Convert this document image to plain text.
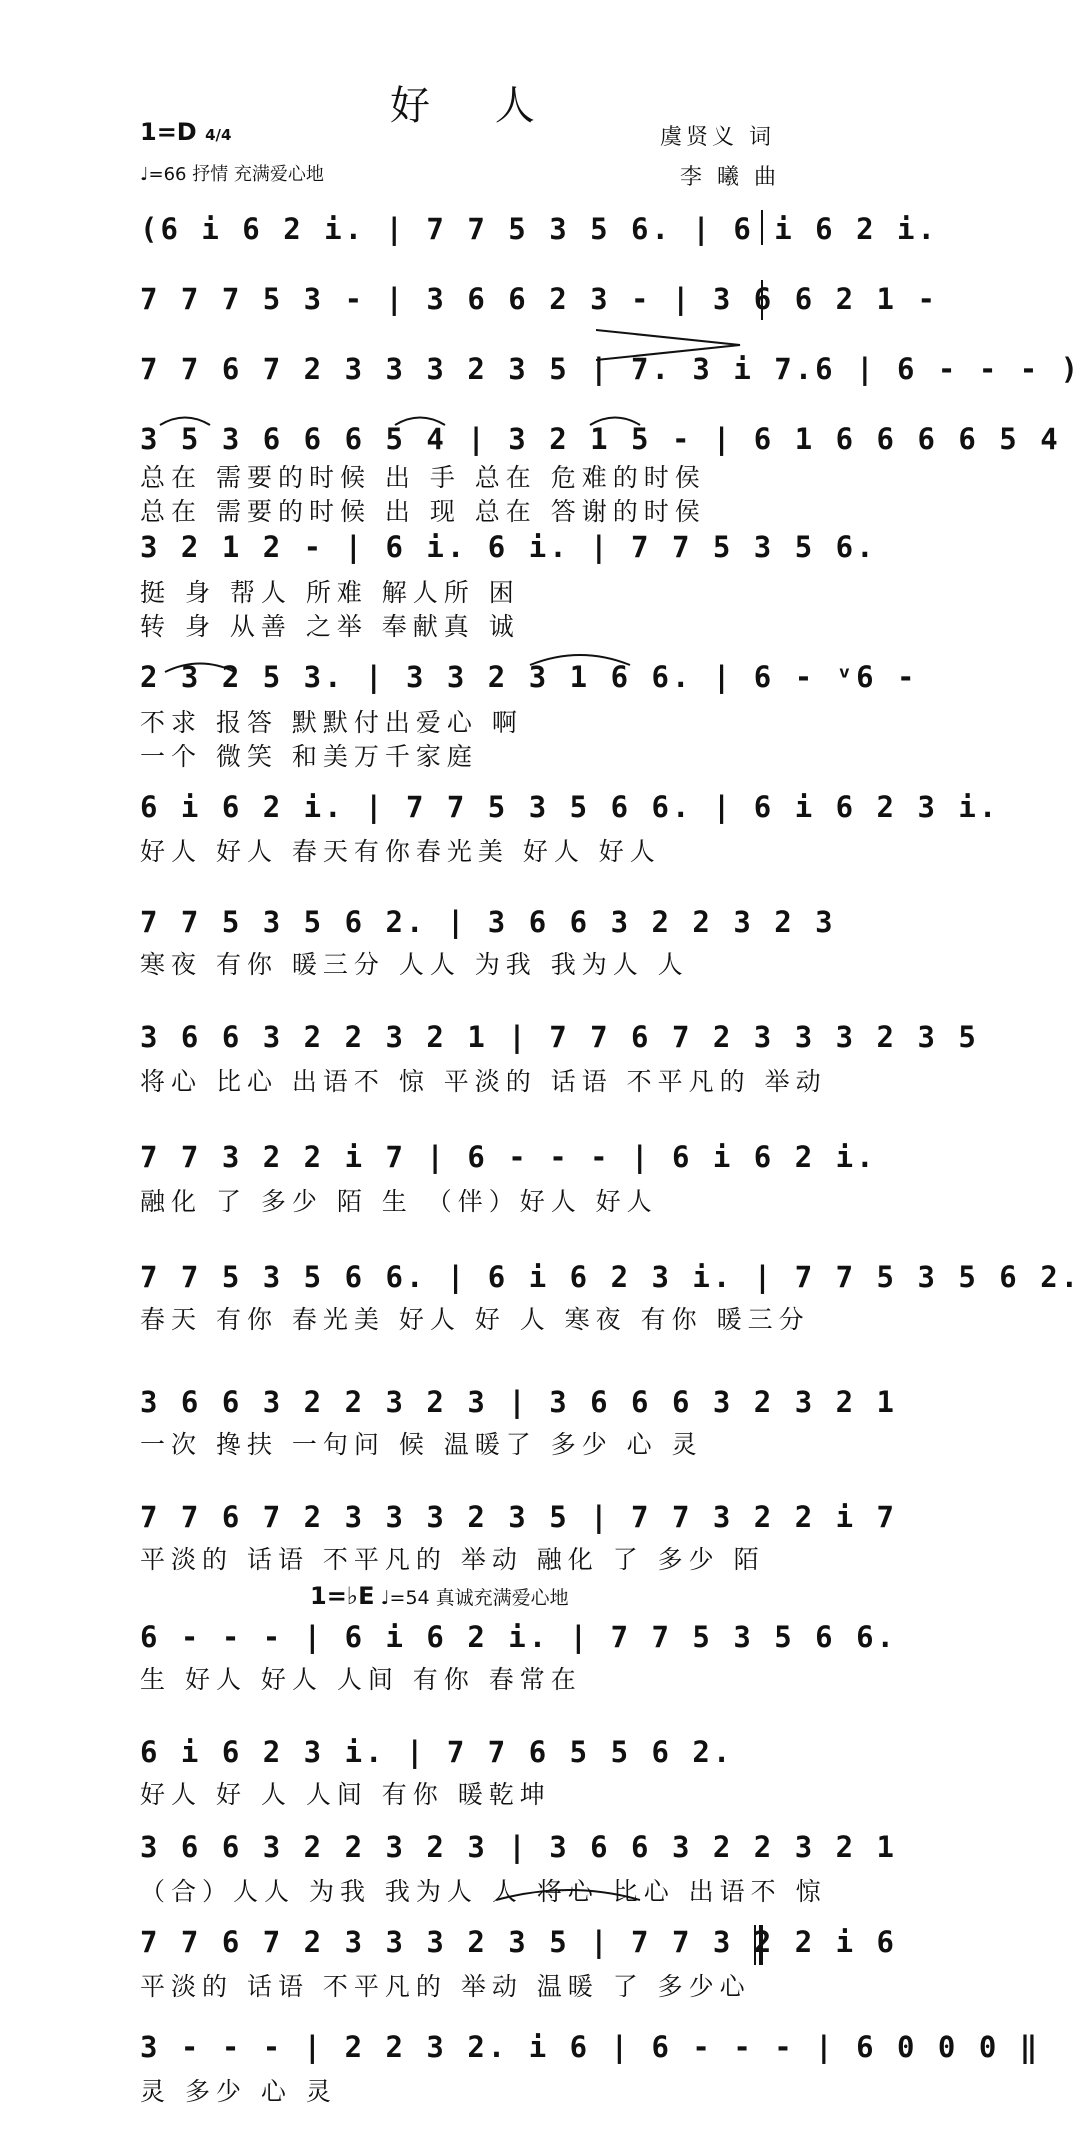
好 人
1=D 4/4
♩=66 抒情 充满爱心地
虞贤义 词
李 曦 曲
(6 i 6 2 i. | 7 7 5 3 5 6. | 6 i 6 2 i.
7 7 7 5 3 - | 3 6 6 2 3 - | 3 6 6 2 1 -
7 7 6 7 2 3 3 3 2 3 5 | 7. 3 i 7.6 | 6 - - - )
3 5 3 6 6 6 5 4 | 3 2 1 5 - | 6 1 6 6 6 6 5 4
总在 需要的时候 出 手 总在 危难的时侯
总在 需要的时候 出 现 总在 答谢的时侯
3 2 1 2 - | 6 i. 6 i. | 7 7 5 3 5 6.
挺 身 帮人 所难 解人所 困
转 身 从善 之举 奉献真 诚
2 3 2 5 3. | 3 3 2 3 1 6 6. | 6 - ᵛ6 -
不求 报答 默默付出爱心 啊
一个 微笑 和美万千家庭
6 i 6 2 i. | 7 7 5 3 5 6 6. | 6 i 6 2 3 i.
好人 好人 春天有你春光美 好人 好人
7 7 5 3 5 6 2. | 3 6 6 3 2 2 3 2 3
寒夜 有你 暖三分 人人 为我 我为人 人
3 6 6 3 2 2 3 2 1 | 7 7 6 7 2 3 3 3 2 3 5
将心 比心 出语不 惊 平淡的 话语 不平凡的 举动
7 7 3 2 2 i 7 | 6 - - - | 6 i 6 2 i.
融化 了 多少 陌 生 （伴）好人 好人
7 7 5 3 5 6 6. | 6 i 6 2 3 i. | 7 7 5 3 5 6 2.
春天 有你 春光美 好人 好 人 寒夜 有你 暖三分
3 6 6 3 2 2 3 2 3 | 3 6 6 6 3 2 3 2 1
一次 搀扶 一句问 候 温暖了 多少 心 灵
7 7 6 7 2 3 3 3 2 3 5 | 7 7 3 2 2 i 7
平淡的 话语 不平凡的 举动 融化 了 多少 陌
6 - - - | 6 i 6 2 i. | 7 7 5 3 5 6 6.
生 好人 好人 人间 有你 春常在
6 i 6 2 3 i. | 7 7 6 5 5 6 2.
好人 好 人 人间 有你 暖乾坤
3 6 6 3 2 2 3 2 3 | 3 6 6 3 2 2 3 2 1
（合）人人 为我 我为人 人 将心 比心 出语不 惊
7 7 6 7 2 3 3 3 2 3 5 | 7 7 3 2 2 i 6
平淡的 话语 不平凡的 举动 温暖 了 多少心
3 - - - | 2 2 3 2. i 6 | 6 - - - | 6 0 0 0 ‖
灵 多少 心 灵
1=♭E ♩=54 真诚充满爱心地
